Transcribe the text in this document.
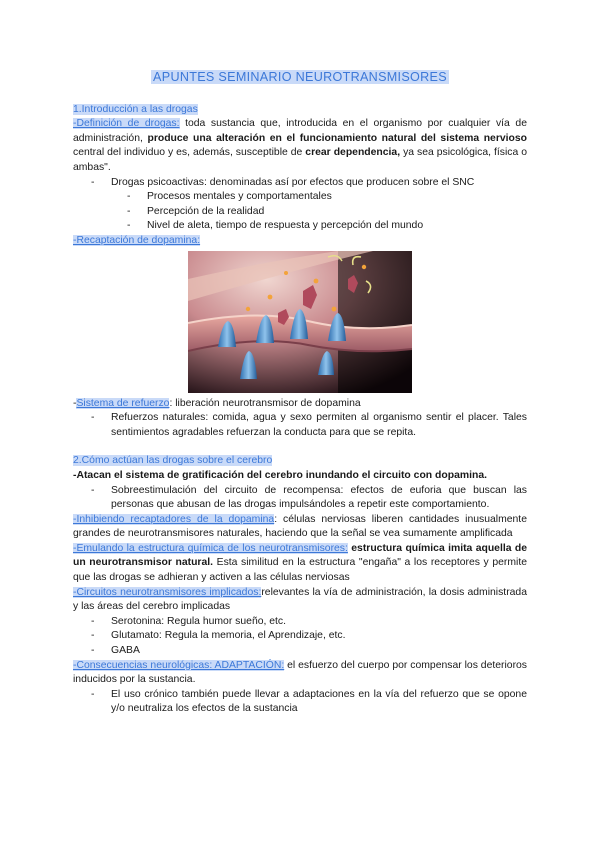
APUNTES SEMINARIO NEUROTRANSMISORES
1.Introducción a las drogas

-Definición de drogas: toda sustancia que, introducida en el organismo por cualquier vía de administración, produce una alteración en el funcionamiento natural del sistema nervioso central del individuo y es, además, susceptible de crear dependencia, ya sea psicológica, física o ambas".

- Drogas psicoactivas: denominadas así por efectos que producen sobre el SNC
- Procesos mentales y comportamentales
- Percepción de la realidad
- Nivel de aleta, tiempo de respuesta y percepción del mundo
-Recaptación de dopamina:

-Sistema de refuerzo: liberación neurotransmisor de dopamina

- Refuerzos naturales: comida, agua y sexo permiten al organismo sentir el placer. Tales sentimientos agradables refuerzan la conducta para que se repita.
2.Cómo actúan las drogas sobre el cerebro

-Atacan el sistema de gratificación del cerebro inundando el circuito con dopamina.

- Sobreestimulación del circuito de recompensa: efectos de euforia que buscan las personas que abusan de las drogas impulsándoles a repetir este comportamiento.

-Inhibiendo recaptadores de la dopamina: células nerviosas liberen cantidades inusualmente grandes de neurotransmisores naturales, haciendo que la señal se vea sumamente amplificada

-Emulando la estructura química de los neurotransmisores: estructura química imita aquella de un neurotransmisor natural. Esta similitud en la estructura "engaña" a los receptores y permite que las drogas se adhieran y activen a las células nerviosas

-Circuitos neurotransmisores implicados:relevantes la vía de administración, la dosis administrada y las áreas del cerebro implicadas

- Serotonina: Regula humor sueño, etc.
- Glutamato: Regula la memoria, el Aprendizaje, etc.
- GABA

-Consecuencias neurológicas: ADAPTACIÓN: el esfuerzo del cuerpo por compensar los deterioros inducidos por la sustancia.

- El uso crónico también puede llevar a adaptaciones en la vía del refuerzo que se opone y/o neutraliza los efectos de la sustancia
